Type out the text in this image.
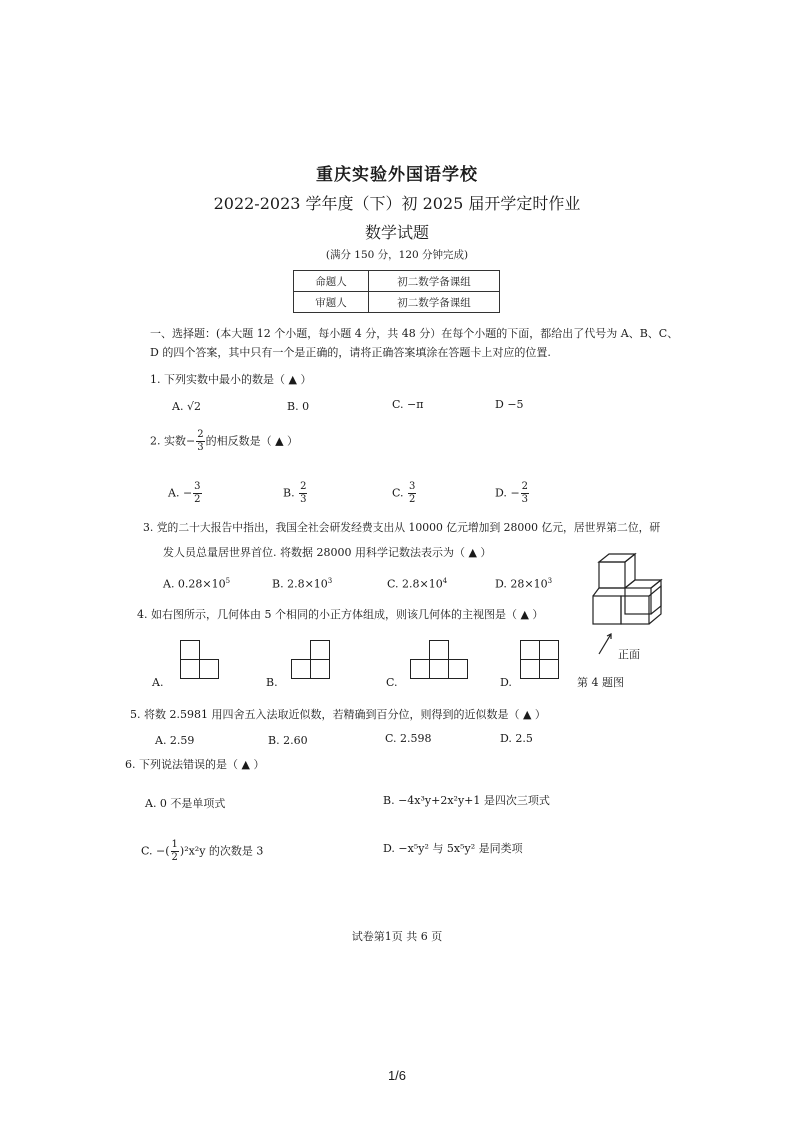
重庆实验外国语学校
2022-2023 学年度（下）初 2025 届开学定时作业
数学试题
(满分 150 分，120 分钟完成)
命题人	初二数学备课组
审题人	初二数学备课组
一、选择题：(本大题 12 个小题，每小题 4 分，共 48 分）在每个小题的下面，都给出了代号为 A、B、C、
D 的四个答案，其中只有一个是正确的，请将正确答案填涂在答题卡上对应的位置.
1. 下列实数中最小的数是（ ▲ ）
A. √2	B. 0	C. −π	D −5
2. 实数− $\frac{2}{3}$ 的相反数是（ ▲ ）
A. − $\frac{3}{2}$	B. $\frac{2}{3}$	C. $\frac{3}{2}$	D. − $\frac{2}{3}$
3. 党的二十大报告中指出，我国全社会研发经费支出从 10000 亿元增加到 28000 亿元，居世界第二位，研
发人员总量居世界首位. 将数据 28000 用科学记数法表示为（ ▲ ）
A. $0.28\times 10^5$	B. $2.8\times 10^3$	C. $2.8\times 10^4$	D. $28\times 10^3$
4. 如右图所示，几何体由 5 个相同的小正方体组成，则该几何体的主视图是（ ▲ ）
正面
第 4 题图
A.	B.	C.	D.
5. 将数 2.5981 用四舍五入法取近似数，若精确到百分位，则得到的近似数是（ ▲ ）
A. 2.59	B. 2.60	C. 2.598	D. 2.5
6. 下列说法错误的是（ ▲ ）
A. 0 不是单项式	B. −4x³y+2x²y+1 是四次三项式
C. −( $\frac{1}{2} )^2x^2y$ 的次数是 3	D. −x⁵y² 与 5x⁵y² 是同类项
试卷第1页 共 6 页
1/6
